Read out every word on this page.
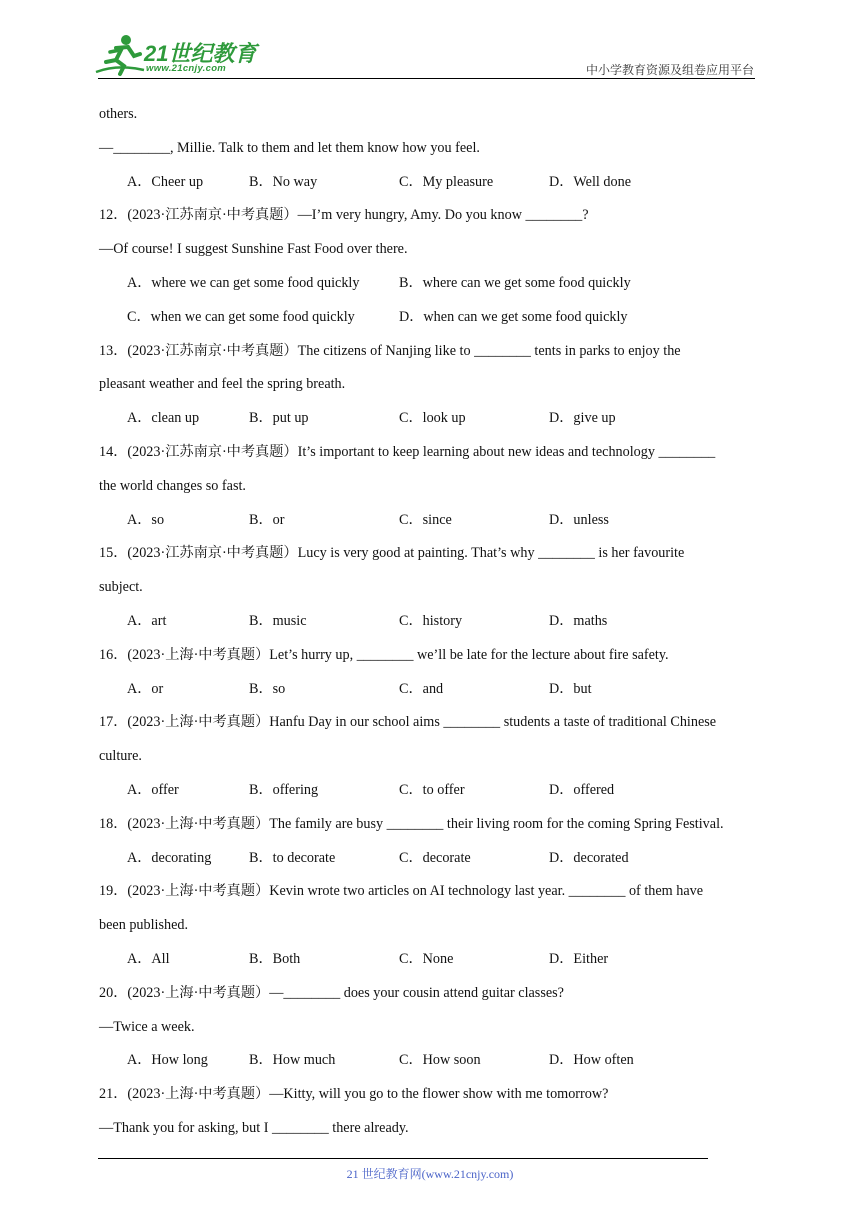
21世纪教育
www.21cnjy.com	中小学教育资源及组卷应用平台
others.
—________, Millie. Talk to them and let them know how you feel.
A．Cheer up	B．No way	C．My pleasure	D．Well done
12．(2023·江苏南京·中考真题）—I’m very hungry, Amy. Do you know ________?
—Of course! I suggest Sunshine Fast Food over there.
A．where we can get some food quickly	B．where can we get some food quickly
C．when we can get some food quickly	D．when can we get some food quickly
13．(2023·江苏南京·中考真题）The citizens of Nanjing like to ________ tents in parks to enjoy the
pleasant weather and feel the spring breath.
A．clean up	B．put up	C．look up	D．give up
14．(2023·江苏南京·中考真题）It’s important to keep learning about new ideas and technology ________
the world changes so fast.
A．so	B．or	C．since	D．unless
15．(2023·江苏南京·中考真题）Lucy is very good at painting. That’s why ________ is her favourite
subject.
A．art	B．music	C．history	D．maths
16．(2023·上海·中考真题）Let’s hurry up, ________ we’ll be late for the lecture about fire safety.
A．or	B．so	C．and	D．but
17．(2023·上海·中考真题）Hanfu Day in our school aims ________ students a taste of traditional Chinese
culture.
A．offer	B．offering	C．to offer	D．offered
18．(2023·上海·中考真题）The family are busy ________ their living room for the coming Spring Festival.
A．decorating	B．to decorate	C．decorate	D．decorated
19．(2023·上海·中考真题）Kevin wrote two articles on AI technology last year. ________ of them have
been published.
A．All	B．Both	C．None	D．Either
20．(2023·上海·中考真题）—________ does your cousin attend guitar classes?
—Twice a week.
A．How long	B．How much	C．How soon	D．How often
21．(2023·上海·中考真题）—Kitty, will you go to the flower show with me tomorrow?
—Thank you for asking, but I ________ there already.
21 世纪教育网(www.21cnjy.com)
